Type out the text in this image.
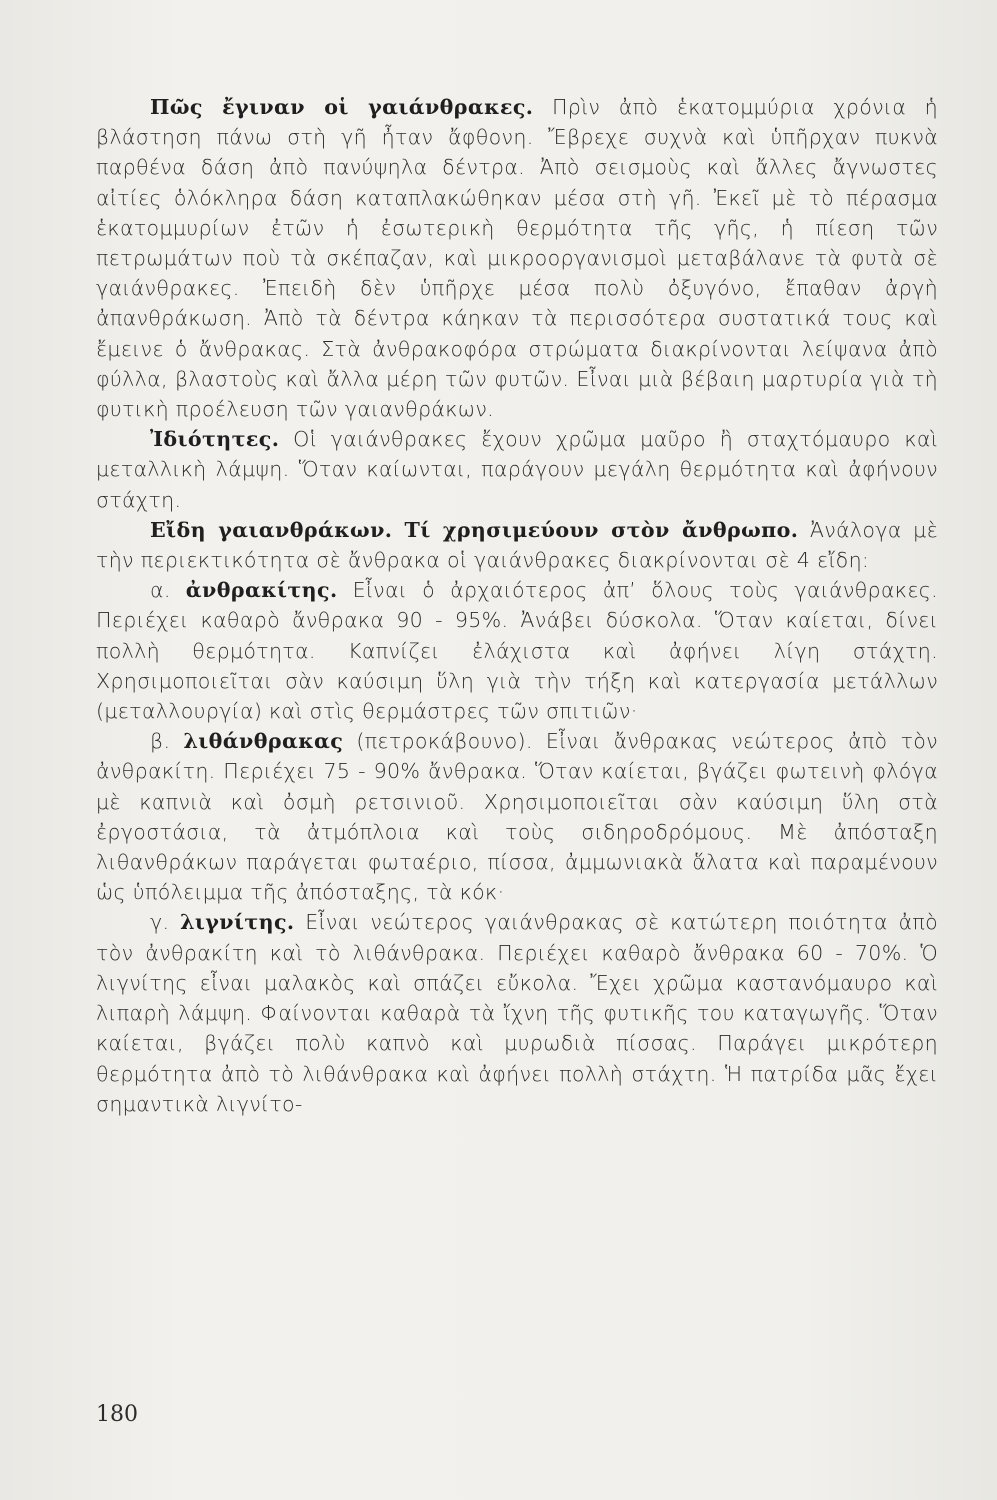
Πῶς ἔγιναν οἱ γαιάνθρακες. Πρὶν ἀπὸ ἑκατομμύρια χρόνια ἡ βλάστηση πάνω στὴ γῆ ἦταν ἄφθονη. Ἔβρεχε συχνὰ καὶ ὑπῆρχαν πυκνὰ παρθένα δάση ἀπὸ πανύψηλα δέντρα. Ἀπὸ σεισμοὺς καὶ ἄλλες ἄγνωστες αἰτίες ὁλόκληρα δάση καταπλακώθηκαν μέσα στὴ γῆ. Ἐκεῖ μὲ τὸ πέρασμα ἑκατομμυρίων ἐτῶν ἡ ἐσωτερικὴ θερμότητα τῆς γῆς, ἡ πίεση τῶν πετρωμάτων ποὺ τὰ σκέπαζαν, καὶ μικροοργανισμοὶ μεταβάλανε τὰ φυτὰ σὲ γαιάνθρακες. Ἐπειδὴ δὲν ὑπῆρχε μέσα πολὺ ὀξυγόνο, ἔπαθαν ἀργὴ ἀπανθράκωση. Ἀπὸ τὰ δέντρα κάηκαν τὰ περισσότερα συστατικά τους καὶ ἔμεινε ὁ ἄνθρακας. Στὰ ἀνθρακοφόρα στρώματα διακρίνονται λείψανα ἀπὸ φύλλα, βλαστοὺς καὶ ἄλλα μέρη τῶν φυτῶν. Εἶναι μιὰ βέβαιη μαρτυρία γιὰ τὴ φυτικὴ προέλευση τῶν γαιανθράκων.

Ἰδιότητες. Οἱ γαιάνθρακες ἔχουν χρῶμα μαῦρο ἢ σταχτόμαυρο καὶ μεταλλικὴ λάμψη. Ὅταν καίωνται, παράγουν μεγάλη θερμότητα καὶ ἀφήνουν στάχτη.

Εἴδη γαιανθράκων. Τί χρησιμεύουν στὸν ἄνθρωπο. Ἀνάλογα μὲ τὴν περιεκτικότητα σὲ ἄνθρακα οἱ γαιάνθρακες διακρίνονται σὲ 4 εἴδη:

α. ἀνθρακίτης. Εἶναι ὁ ἀρχαιότερος ἀπ’ ὅλους τοὺς γαιάνθρακες. Περιέχει καθαρὸ ἄνθρακα 90 - 95%. Ἀνάβει δύσκολα. Ὅταν καίεται, δίνει πολλὴ θερμότητα. Καπνίζει ἐλάχιστα καὶ ἀφήνει λίγη στάχτη. Χρησιμοποιεῖται σὰν καύσιμη ὕλη γιὰ τὴν τήξη καὶ κατεργασία μετάλλων (μεταλλουργία) καὶ στὶς θερμάστρες τῶν σπιτιῶν·

β. λιθάνθρακας (πετροκάβουνο). Εἶναι ἄνθρακας νεώτερος ἀπὸ τὸν ἀνθρακίτη. Περιέχει 75 - 90% ἄνθρακα. Ὅταν καίεται, βγάζει φωτεινὴ φλόγα μὲ καπνιὰ καὶ ὀσμὴ ρετσινιοῦ. Χρησιμοποιεῖται σὰν καύσιμη ὕλη στὰ ἐργοστάσια, τὰ ἀτμόπλοια καὶ τοὺς σιδηροδρόμους. Μὲ ἀπόσταξη λιθανθράκων παράγεται φωταέριο, πίσσα, ἀμμωνιακὰ ἅλατα καὶ παραμένουν ὡς ὑπόλειμμα τῆς ἀπόσταξης, τὰ κόκ·

γ. λιγνίτης. Εἶναι νεώτερος γαιάνθρακας σὲ κατώτερη ποιότητα ἀπὸ τὸν ἀνθρακίτη καὶ τὸ λιθάνθρακα. Περιέχει καθαρὸ ἄνθρακα 60 - 70%. Ὁ λιγνίτης εἶναι μαλακὸς καὶ σπάζει εὔκολα. Ἔχει χρῶμα καστανόμαυρο καὶ λιπαρὴ λάμψη. Φαίνονται καθαρὰ τὰ ἴχνη τῆς φυτικῆς του καταγωγῆς. Ὅταν καίεται, βγάζει πολὺ καπνὸ καὶ μυρωδιὰ πίσσας. Παράγει μικρότερη θερμότητα ἀπὸ τὸ λιθάνθρακα καὶ ἀφήνει πολλὴ στάχτη. Ἡ πατρίδα μᾶς ἔχει σημαντικὰ λιγνίτο-

180
